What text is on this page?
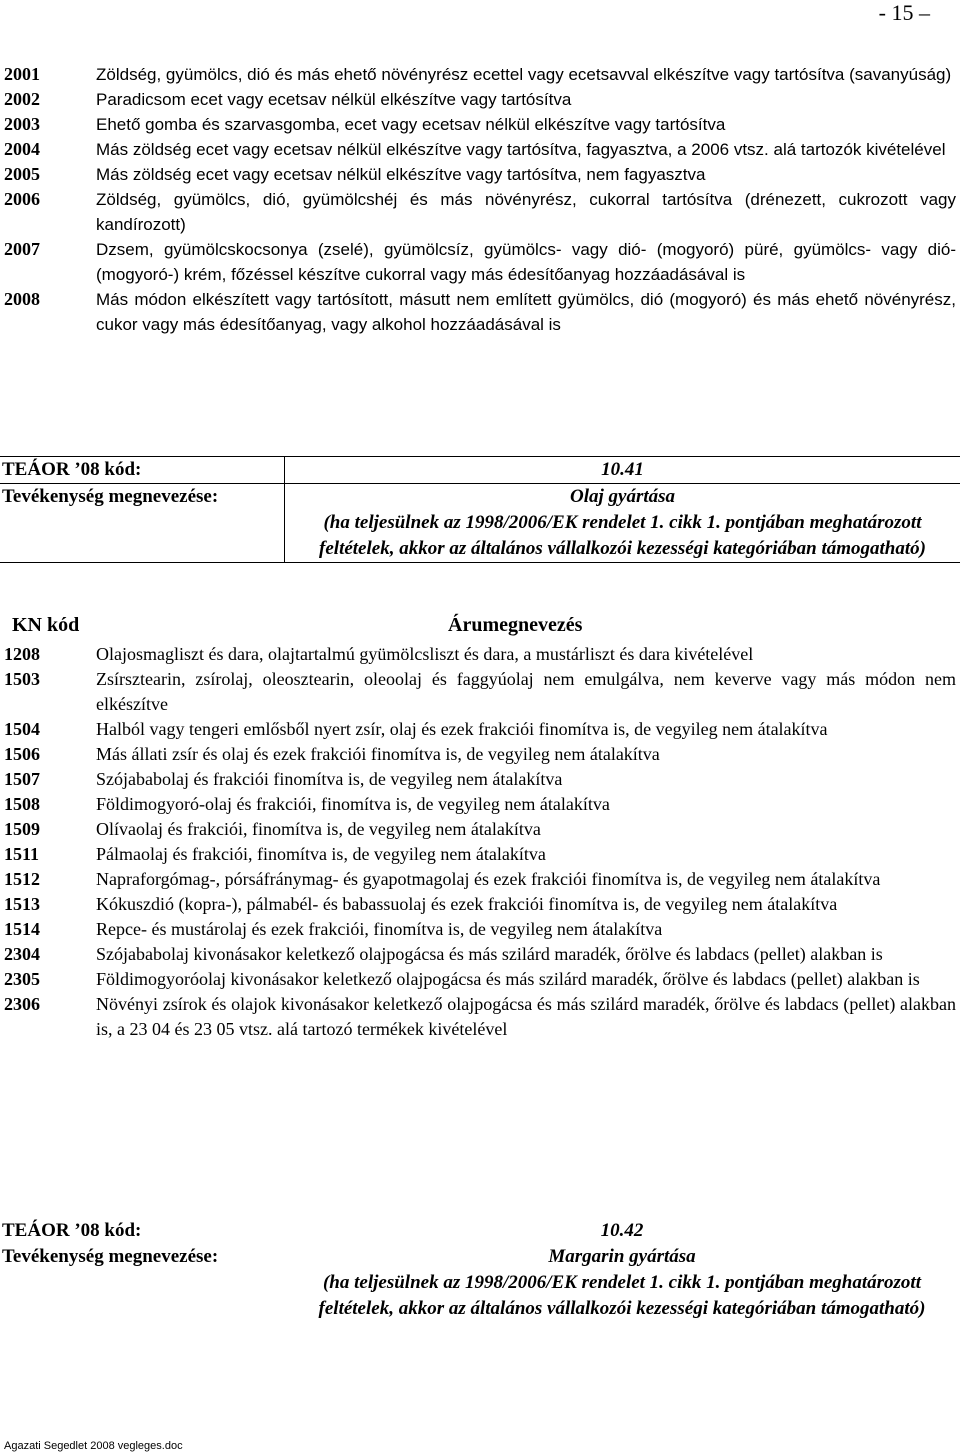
- 15 –
2001	Zöldség, gyümölcs, dió és más ehető növényrész ecettel vagy ecetsavval elkészítve vagy tartósítva (savanyúság)
2002	Paradicsom ecet vagy ecetsav nélkül elkészítve vagy tartósítva
2003	Ehető gomba és szarvasgomba, ecet vagy ecetsav nélkül elkészítve vagy tartósítva
2004	Más zöldség ecet vagy ecetsav nélkül elkészítve vagy tartósítva, fagyasztva, a 2006 vtsz. alá tartozók kivételével
2005	Más zöldség ecet vagy ecetsav nélkül elkészítve vagy tartósítva, nem fagyasztva
2006	Zöldség, gyümölcs, dió, gyümölcshéj és más növényrész, cukorral tartósítva (drénezett, cukrozott vagy kandírozott)
2007	Dzsem, gyümölcskocsonya (zselé), gyümölcsíz, gyümölcs- vagy dió- (mogyoró) püré, gyümölcs- vagy dió- (mogyoró-) krém, főzéssel készítve cukorral vagy más édesítőanyag hozzáadásával is
2008	Más módon elkészített vagy tartósított, másutt nem említett gyümölcs, dió (mogyoró) és más ehető növényrész, cukor vagy más édesítőanyag, vagy alkohol hozzáadásával is
TEÁOR ’08 kód:	10.41
Tevékenység megnevezése:	Olaj gyártása
(ha teljesülnek az 1998/2006/EK rendelet 1. cikk 1. pontjában meghatározott feltételek, akkor az általános vállalkozói kezességi kategóriában támogatható)
KN kód	Árumegnevezés
1208	Olajosmagliszt és dara, olajtartalmú gyümölcsliszt és dara, a mustárliszt és dara kivételével
1503	Zsírsztearin, zsírolaj, oleosztearin, oleoolaj és faggyúolaj nem emulgálva, nem keverve vagy más módon nem elkészítve
1504	Halból vagy tengeri emlősből nyert zsír, olaj és ezek frakciói finomítva is, de vegyileg nem átalakítva
1506	Más állati zsír és olaj és ezek frakciói finomítva is, de vegyileg nem átalakítva
1507	Szójababolaj és frakciói finomítva is, de vegyileg nem átalakítva
1508	Földimogyoró-olaj és frakciói, finomítva is, de vegyileg nem átalakítva
1509	Olívaolaj és frakciói, finomítva is, de vegyileg nem átalakítva
1511	Pálmaolaj és frakciói, finomítva is, de vegyileg nem átalakítva
1512	Napraforgómag-, pórsáfránymag- és gyapotmagolaj és ezek frakciói finomítva is, de vegyileg nem átalakítva
1513	Kókuszdió (kopra-), pálmabél- és babassuolaj és ezek frakciói finomítva is, de vegyileg nem átalakítva
1514	Repce- és mustárolaj és ezek frakciói, finomítva is, de vegyileg nem átalakítva
2304	Szójababolaj kivonásakor keletkező olajpogácsa és más szilárd maradék, őrölve és labdacs (pellet) alakban is
2305	Földimogyoróolaj kivonásakor keletkező olajpogácsa és más szilárd maradék, őrölve és labdacs (pellet) alakban is
2306	Növényi zsírok és olajok kivonásakor keletkező olajpogácsa és más szilárd maradék, őrölve és labdacs (pellet) alakban is, a 23 04 és 23 05 vtsz. alá tartozó termékek kivételével
TEÁOR ’08 kód:	10.42
Tevékenység megnevezése:	Margarin gyártása
(ha teljesülnek az 1998/2006/EK rendelet 1. cikk 1. pontjában meghatározott feltételek, akkor az általános vállalkozói kezességi kategóriában támogatható)
Agazati Segedlet 2008 vegleges.doc
